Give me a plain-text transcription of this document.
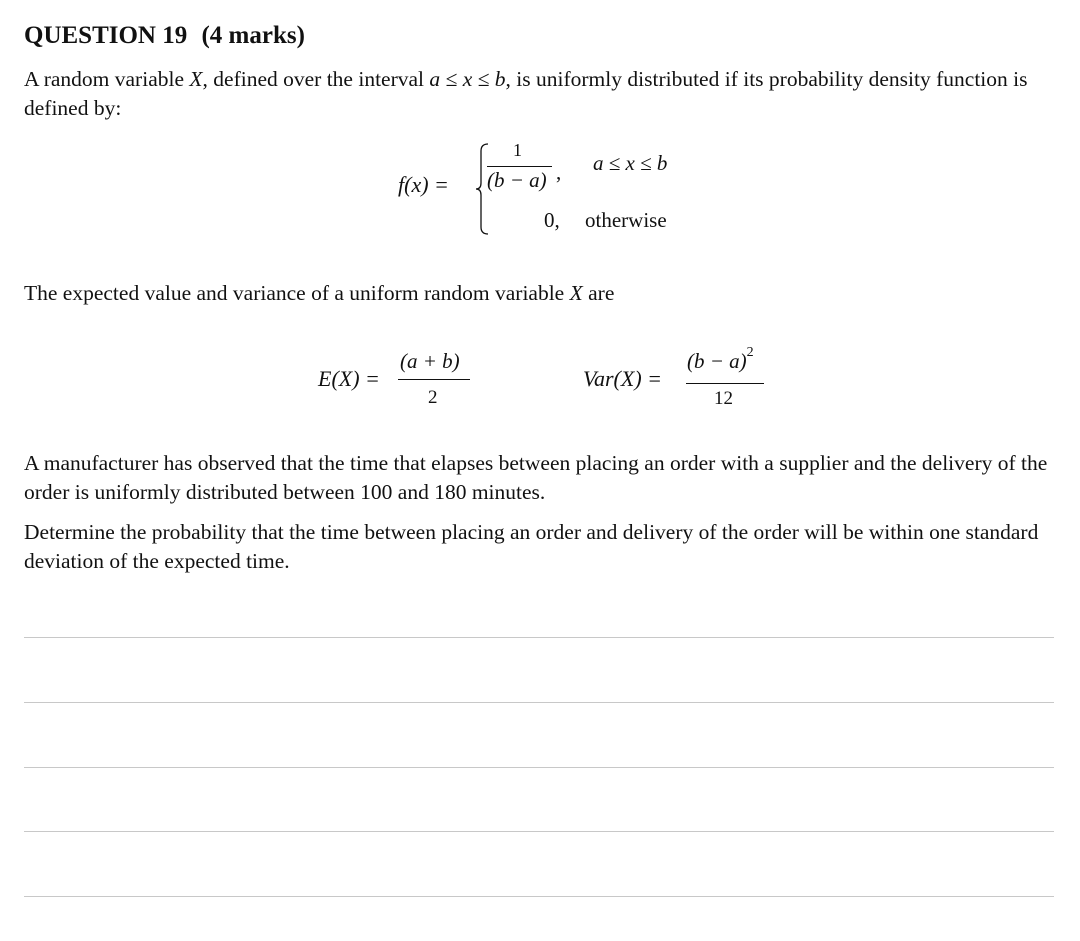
QUESTION 19 (4 marks)
A random variable X, defined over the interval a ≤ x ≤ b, is uniformly distributed if its probability density function is defined by:
f(x) =
1
(b − a) , a ≤ x ≤ b
0, otherwise
The expected value and variance of a uniform random variable X are
E(X) =
(a + b)
2
Var(X) =
$(b - a)^2$
12
A manufacturer has observed that the time that elapses between placing an order with a supplier and the delivery of the order is uniformly distributed between 100 and 180 minutes.
Determine the probability that the time between placing an order and delivery of the order will be within one standard deviation of the expected time.
